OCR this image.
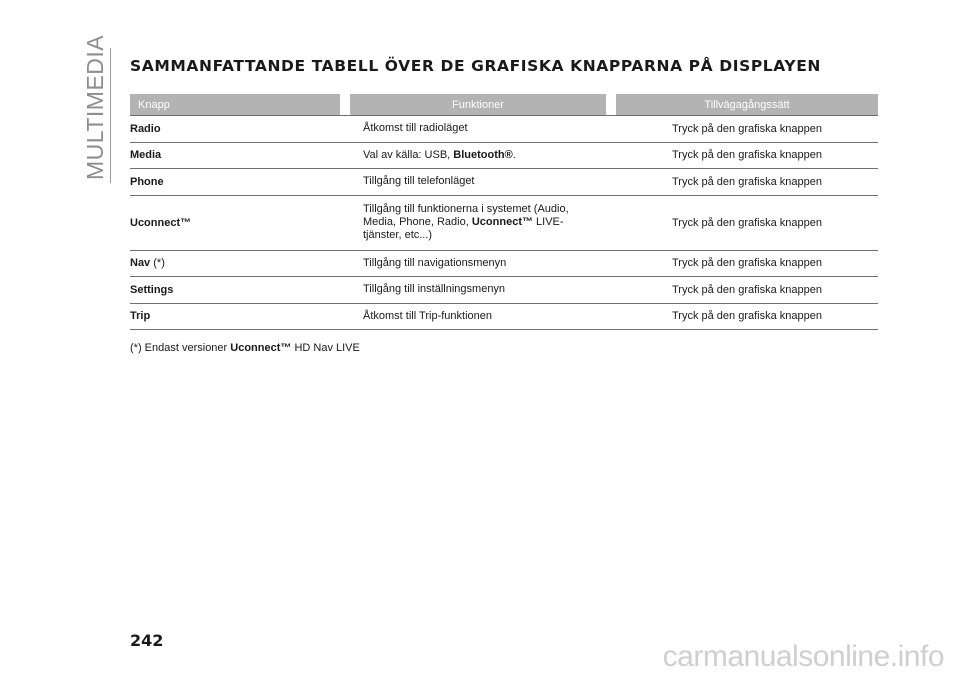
MULTIMEDIA SAMMANFATTANDE TABELL ÖVER DE GRAFISKA KNAPPARNA PÅ DISPLAYEN
Knapp		Funktioner		Tillvägagångssätt
Radio		Åtkomst till radioläget		Tryck på den grafiska knappen
Media		Val av källa: USB, Bluetooth®.		Tryck på den grafiska knappen
Phone		Tillgång till telefonläget		Tryck på den grafiska knappen
Uconnect™		Tillgång till funktionerna i systemet (Audio,
Media, Phone, Radio, Uconnect™ LIVE-
tjänster, etc...)		Tryck på den grafiska knappen
Nav (*)		Tillgång till navigationsmenyn		Tryck på den grafiska knappen
Settings		Tillgång till inställningsmenyn		Tryck på den grafiska knappen
Trip		Åtkomst till Trip-funktionen		Tryck på den grafiska knappen
(*) Endast versioner Uconnect™ HD Nav LIVE
242	carmanualsonline.info
